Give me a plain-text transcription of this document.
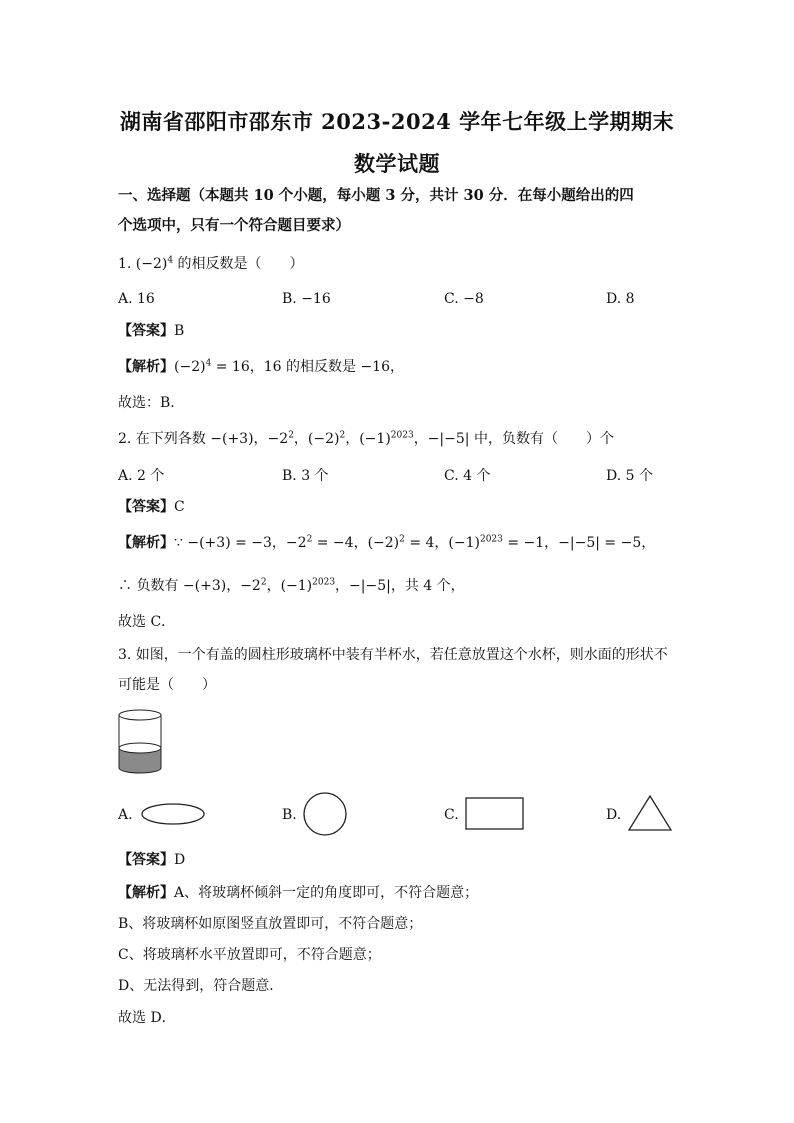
湖南省邵阳市邵东市 2023-2024 学年七年级上学期期末
数学试题
一、选择题（本题共 10 个小题，每小题 3 分，共计 30 分．在每小题给出的四
个选项中，只有一个符合题目要求）
1. $(-2)^4$ 的相反数是（　　）
A. 16	B. −16	C. −8	D. 8
【答案】B
【解析】$(-2)^4 = 16$，16 的相反数是 −16，
故选：B．
2. 在下列各数 −(+3)，$-2^2$，$(-2)^2$，$(-1)^{2023}$，−|−5| 中，负数有（　　）个
A. 2 个	B. 3 个	C. 4 个	D. 5 个
【答案】C
【解析】∵ −(+3) = −3，$-2^2 = -4$，$(-2)^2 = 4$，$(-1)^{2023} = -1$，−|−5| = −5，
∴ 负数有 −(+3)，$-2^2$，$(-1)^{2023}$，−|−5|，共 4 个，
故选 C．
3. 如图，一个有盖的圆柱形玻璃杯中装有半杯水，若任意放置这个水杯，则水面的形状不
可能是（　　）
A.	B.	C.	D.
【答案】D
【解析】A、将玻璃杯倾斜一定的角度即可，不符合题意；
B、将玻璃杯如原图竖直放置即可，不符合题意；
C、将玻璃杯水平放置即可，不符合题意；
D、无法得到，符合题意．
故选 D．
